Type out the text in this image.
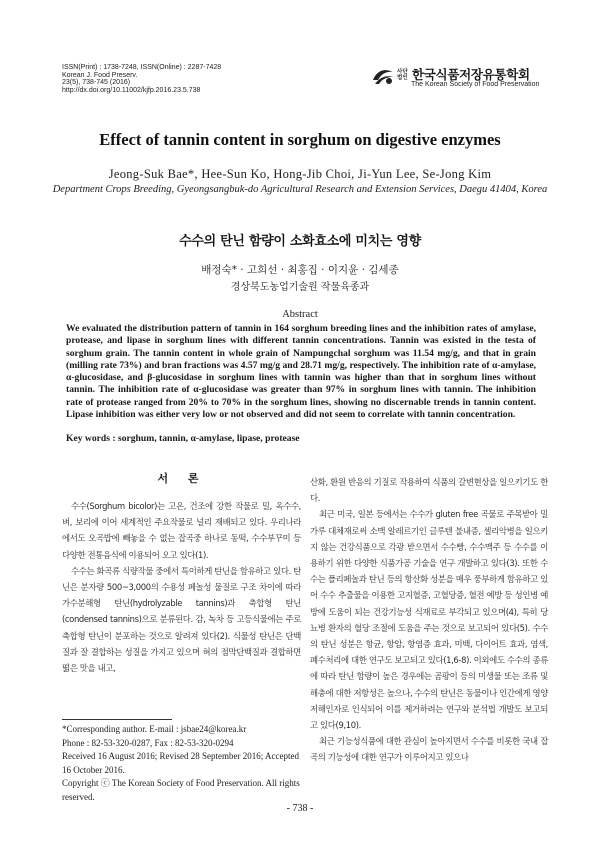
ISSN(Print) : 1738-7248, ISSN(Online) : 2287-7428
Korean J. Food Preserv.
23(5), 738-745 (2016)
http://dx.doi.org/10.11002/kjfp.2016.23.5.738
사단
법인 한국식품저장유통학회
The Korean Society of Food Preservation
Effect of tannin content in sorghum on digestive enzymes
Jeong-Suk Bae*, Hee-Sun Ko, Hong-Jib Choi, Ji-Yun Lee, Se-Jong Kim
Department Crops Breeding, Gyeongsangbuk-do Agricultural Research and Extension Services, Daegu 41404, Korea
수수의 탄닌 함량이 소화효소에 미치는 영향
배정숙* · 고희선 · 최홍집 · 이지윤 · 김세종
경상북도농업기술원 작물육종과
Abstract
We evaluated the distribution pattern of tannin in 164 sorghum breeding lines and the inhibition rates of amylase, protease, and lipase in sorghum lines with different tannin concentrations. Tannin was existed in the testa of sorghum grain. The tannin content in whole grain of Nampungchal sorghum was 11.54 mg/g, and that in grain (milling rate 73%) and bran fractions was 4.57 mg/g and 28.71 mg/g, respectively. The inhibition rate of α-amylase, α-glucosidase, and β-glucosidase in sorghum lines with tannin was higher than that in sorghum lines without tannin. The inhibition rate of α-glucosidase was greater than 97% in sorghum lines with tannin. The inhibition rate of protease ranged from 20% to 70% in the sorghum lines, showing no discernable trends in tannin content. Lipase inhibition was either very low or not observed and did not seem to correlate with tannin concentration.
Key words : sorghum, tannin, α-amylase, lipase, protease
서 론

수수(Sorghum bicolor)는 고온, 건조에 강한 작물로 밀, 옥수수, 벼, 보리에 이어 세계적인 주요작물로 널리 재배되고 있다. 우리나라에서도 오곡밥에 빼놓을 수 없는 잡곡중 하나로 동떡, 수수부꾸미 등 다양한 전통음식에 이용되어 오고 있다(1).

수수는 화곡류 식량작물 중에서 특이하게 탄닌을 함유하고 있다. 탄닌은 분자량 500~3,000의 수용성 페놀성 물질로 구조 차이에 따라 가수분해형 탄닌(hydrolyzable tannins)과 축합형 탄닌(condensed tannins)으로 분류된다. 감, 녹차 등 고등식물에는 주로 축합형 탄닌이 분포하는 것으로 알려져 있다(2). 식물성 탄닌은 단백질과 잘 결합하는 성질을 가지고 있으며 혀의 점막단백질과 결합하면 떫은 맛을 내고,

산화, 환원 반응의 기질로 작용하여 식품의 갈변현상을 일으키기도 한다.

최근 미국, 일본 등에서는 수수가 gluten free 곡물로 주목받아 밀가루 대체재로써 소맥 알레르기인 글루텐 불내증, 셀리악병을 일으키지 않는 건강식품으로 각광 받으면서 수수빵, 수수맥주 등 수수를 이용하기 위한 다양한 식품가공 기술을 연구 개발하고 있다(3). 또한 수수는 폴리페놀과 탄닌 등의 항산화 성분을 매우 풍부하게 함유하고 있어 수수 추출물을 이용한 고지혈증, 고혈당증, 혈전 예방 등 성인병 예방에 도움이 되는 건강기능성 식재료로 부각되고 있으며(4), 특히 당뇨병 환자의 혈당 조절에 도움을 주는 것으로 보고되어 있다(5). 수수의 탄닌 성분은 항균, 항암, 항염증 효과, 미백, 다이어트 효과, 염색, 폐수처리에 대한 연구도 보고되고 있다(1,6-8). 이외에도 수수의 종류에 따라 탄닌 함량이 높은 경우에는 곰팡이 등의 미생물 또는 조류 및 해충에 대한 저항성은 높으나, 수수의 탄닌은 동물이나 인간에게 영양저해인자로 인식되어 이를 제거하려는 연구와 분석법 개발도 보고되고 있다(9,10).

최근 기능성식품에 대한 관심이 높아지면서 수수를 비롯한 국내 잡곡의 기능성에 대한 연구가 이루어지고 있으나

*Corresponding author. E-mail : jsbae24@korea.kr
Phone : 82-53-320-0287, Fax : 82-53-320-0294
Received 16 August 2016; Revised 28 September 2016; Accepted 16 October 2016.
Copyright ⓒ The Korean Society of Food Preservation. All rights reserved.
- 738 -
